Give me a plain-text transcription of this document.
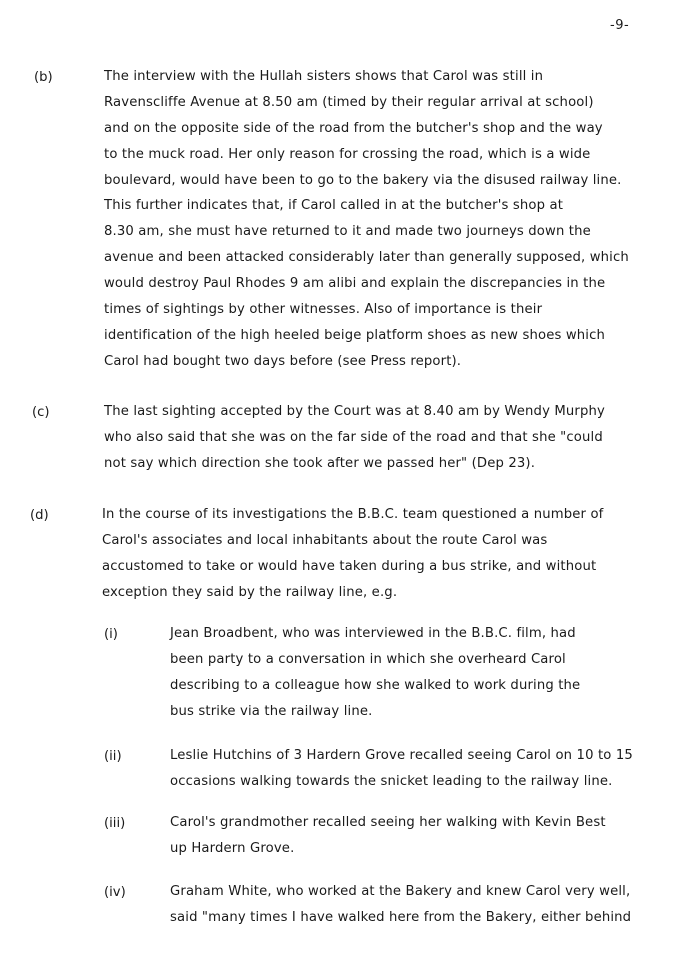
-9-
(b)	The interview with the Hullah sisters shows that Carol was still in
Ravenscliffe Avenue at 8.50 am (timed by their regular arrival at school)
and on the opposite side of the road from the butcher's shop and the way
to the muck road. Her only reason for crossing the road, which is a wide
boulevard, would have been to go to the bakery via the disused railway line.
This further indicates that, if Carol called in at the butcher's shop at
8.30 am, she must have returned to it and made two journeys down the
avenue and been attacked considerably later than generally supposed, which
would destroy Paul Rhodes 9 am alibi and explain the discrepancies in the
times of sightings by other witnesses. Also of importance is their
identification of the high heeled beige platform shoes as new shoes which
Carol had bought two days before (see Press report).
(c)	The last sighting accepted by the Court was at 8.40 am by Wendy Murphy
who also said that she was on the far side of the road and that she "could
not say which direction she took after we passed her" (Dep 23).
(d)	In the course of its investigations the B.B.C. team questioned a number of
Carol's associates and local inhabitants about the route Carol was
accustomed to take or would have taken during a bus strike, and without
exception they said by the railway line, e.g.
(i)	Jean Broadbent, who was interviewed in the B.B.C. film, had
been party to a conversation in which she overheard Carol
describing to a colleague how she walked to work during the
bus strike via the railway line.
(ii)	Leslie Hutchins of 3 Hardern Grove recalled seeing Carol on 10 to 15
occasions walking towards the snicket leading to the railway line.
(iii)	Carol's grandmother recalled seeing her walking with Kevin Best
up Hardern Grove.
(iv)	Graham White, who worked at the Bakery and knew Carol very well,
said "many times I have walked here from the Bakery, either behind
